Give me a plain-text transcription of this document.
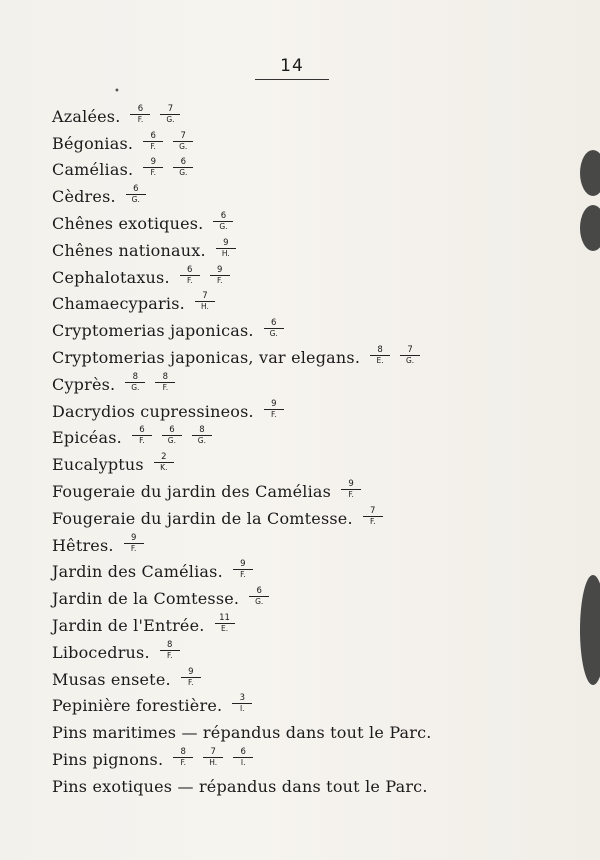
14
•
Azalées. $\frac{6}{F.} \frac{7}{G.}$
Bégonias. $\frac{6}{F.} \frac{7}{G.}$
Camélias. $\frac{9}{F.} \frac{6}{G.}$
Cèdres. $\frac{6}{G.}$
Chênes exotiques. $\frac{6}{G.}$
Chênes nationaux. $\frac{9}{H.}$
Cephalotaxus. $\frac{6}{F.} \frac{9}{F.}$
Chamaecyparis. $\frac{7}{H.}$
Cryptomerias japonicas. $\frac{6}{G.}$
Cryptomerias japonicas, var elegans. $\frac{8}{E.} \frac{7}{G.}$
Cyprès. $\frac{8}{G.} \frac{8}{F.}$
Dacrydios cupressineos. $\frac{9}{F.}$
Epicéas. $\frac{6}{F.} \frac{6}{G.} \frac{8}{G.}$
Eucalyptus $\frac{2}{K.}$
Fougeraie du jardin des Camélias $\frac{9}{F.}$
Fougeraie du jardin de la Comtesse. $\frac{7}{F.}$
Hêtres. $\frac{9}{F.}$
Jardin des Camélias. $\frac{9}{F.}$
Jardin de la Comtesse. $\frac{6}{G.}$
Jardin de l'Entrée. $\frac{11}{E.}$
Libocedrus. $\frac{8}{F.}$
Musas ensete. $\frac{9}{F.}$
Pepinière forestière. $\frac{3}{I.}$
Pins maritimes — répandus dans tout le Parc.
Pins pignons. $\frac{8}{F.} \frac{7}{H.} \frac{6}{I.}$
Pins exotiques — répandus dans tout le Parc.
